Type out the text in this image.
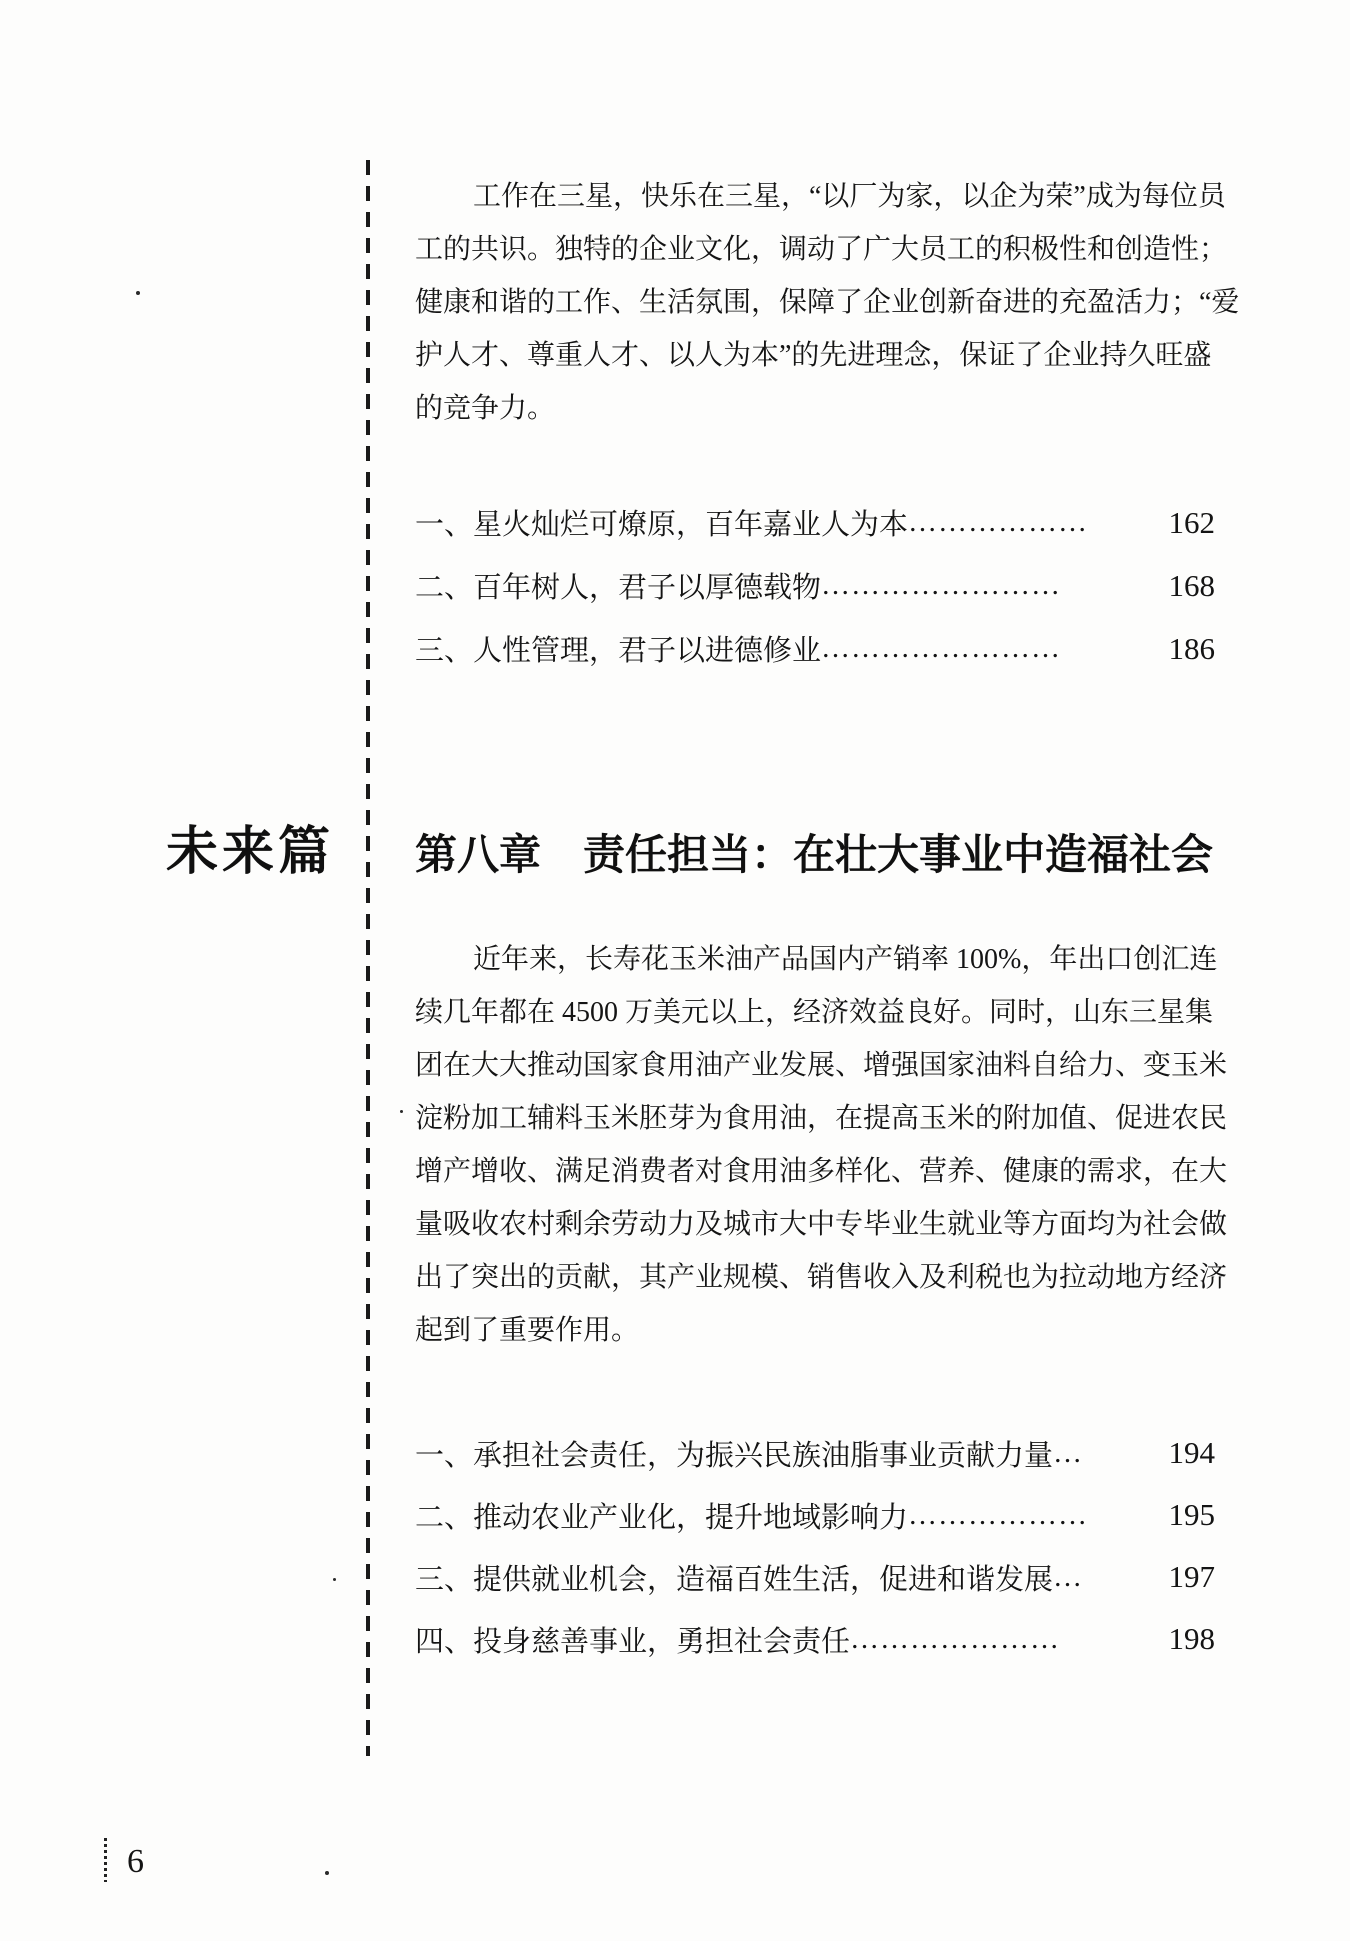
工作在三星，快乐在三星，“以厂为家，以企为荣”成为每位员
工的共识。独特的企业文化，调动了广大员工的积极性和创造性；
健康和谐的工作、生活氛围，保障了企业创新奋进的充盈活力；“爱
护人才、尊重人才、以人为本”的先进理念，保证了企业持久旺盛
的竞争力。
一、星火灿烂可燎原，百年嘉业人为本 ………………	162
二、百年树人，君子以厚德载物 ……………………	168
三、人性管理，君子以进德修业 ……………………	186
未来篇 第八章　责任担当：在壮大事业中造福社会
近年来，长寿花玉米油产品国内产销率 100%，年出口创汇连
续几年都在 4500 万美元以上，经济效益良好。同时，山东三星集
团在大大推动国家食用油产业发展、增强国家油料自给力、变玉米
淀粉加工辅料玉米胚芽为食用油，在提高玉米的附加值、促进农民
增产增收、满足消费者对食用油多样化、营养、健康的需求，在大
量吸收农村剩余劳动力及城市大中专毕业生就业等方面均为社会做
出了突出的贡献，其产业规模、销售收入及利税也为拉动地方经济
起到了重要作用。
一、承担社会责任，为振兴民族油脂事业贡献力量 …	194
二、推动农业产业化，提升地域影响力 ………………	195
三、提供就业机会，造福百姓生活，促进和谐发展 …	197
四、投身慈善事业，勇担社会责任 …………………	198
6
